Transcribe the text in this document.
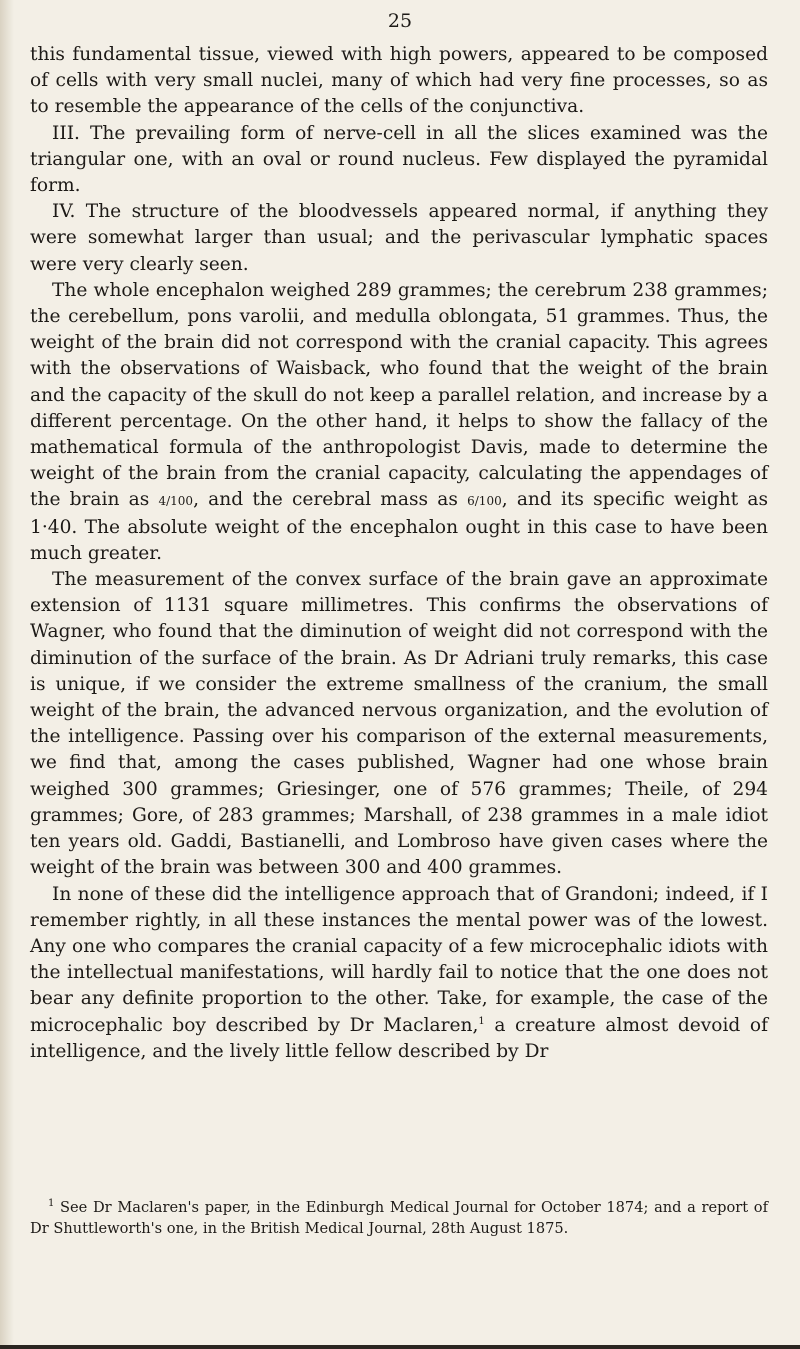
25

this fundamental tissue, viewed with high powers, appeared to be composed of cells with very small nuclei, many of which had very fine processes, so as to resemble the appearance of the cells of the conjunctiva.

III. The prevailing form of nerve-cell in all the slices examined was the triangular one, with an oval or round nucleus. Few displayed the pyramidal form.

IV. The structure of the bloodvessels appeared normal, if anything they were somewhat larger than usual; and the perivascular lymphatic spaces were very clearly seen.

The whole encephalon weighed 289 grammes; the cerebrum 238 grammes; the cerebellum, pons varolii, and medulla oblongata, 51 grammes. Thus, the weight of the brain did not correspond with the cranial capacity. This agrees with the observations of Waisback, who found that the weight of the brain and the capacity of the skull do not keep a parallel relation, and increase by a different percentage. On the other hand, it helps to show the fallacy of the mathematical formula of the anthropologist Davis, made to determine the weight of the brain from the cranial capacity, calculating the appendages of the brain as 4/100, and the cerebral mass as 6/100, and its specific weight as 1·40. The absolute weight of the encephalon ought in this case to have been much greater.

The measurement of the convex surface of the brain gave an approximate extension of 1131 square millimetres. This confirms the observations of Wagner, who found that the diminution of weight did not correspond with the diminution of the surface of the brain. As Dr Adriani truly remarks, this case is unique, if we consider the extreme smallness of the cranium, the small weight of the brain, the advanced nervous organization, and the evolution of the intelligence. Passing over his comparison of the external measurements, we find that, among the cases published, Wagner had one whose brain weighed 300 grammes; Griesinger, one of 576 grammes; Theile, of 294 grammes; Gore, of 283 grammes; Marshall, of 238 grammes in a male idiot ten years old. Gaddi, Bastianelli, and Lombroso have given cases where the weight of the brain was between 300 and 400 grammes.

In none of these did the intelligence approach that of Grandoni; indeed, if I remember rightly, in all these instances the mental power was of the lowest. Any one who compares the cranial capacity of a few microcephalic idiots with the intellectual manifestations, will hardly fail to notice that the one does not bear any definite proportion to the other. Take, for example, the case of the microcephalic boy described by Dr Maclaren,$^1$ a creature almost devoid of intelligence, and the lively little fellow described by Dr

$^1$ See Dr Maclaren's paper, in the Edinburgh Medical Journal for October 1874; and a report of Dr Shuttleworth's one, in the British Medical Journal, 28th August 1875.
